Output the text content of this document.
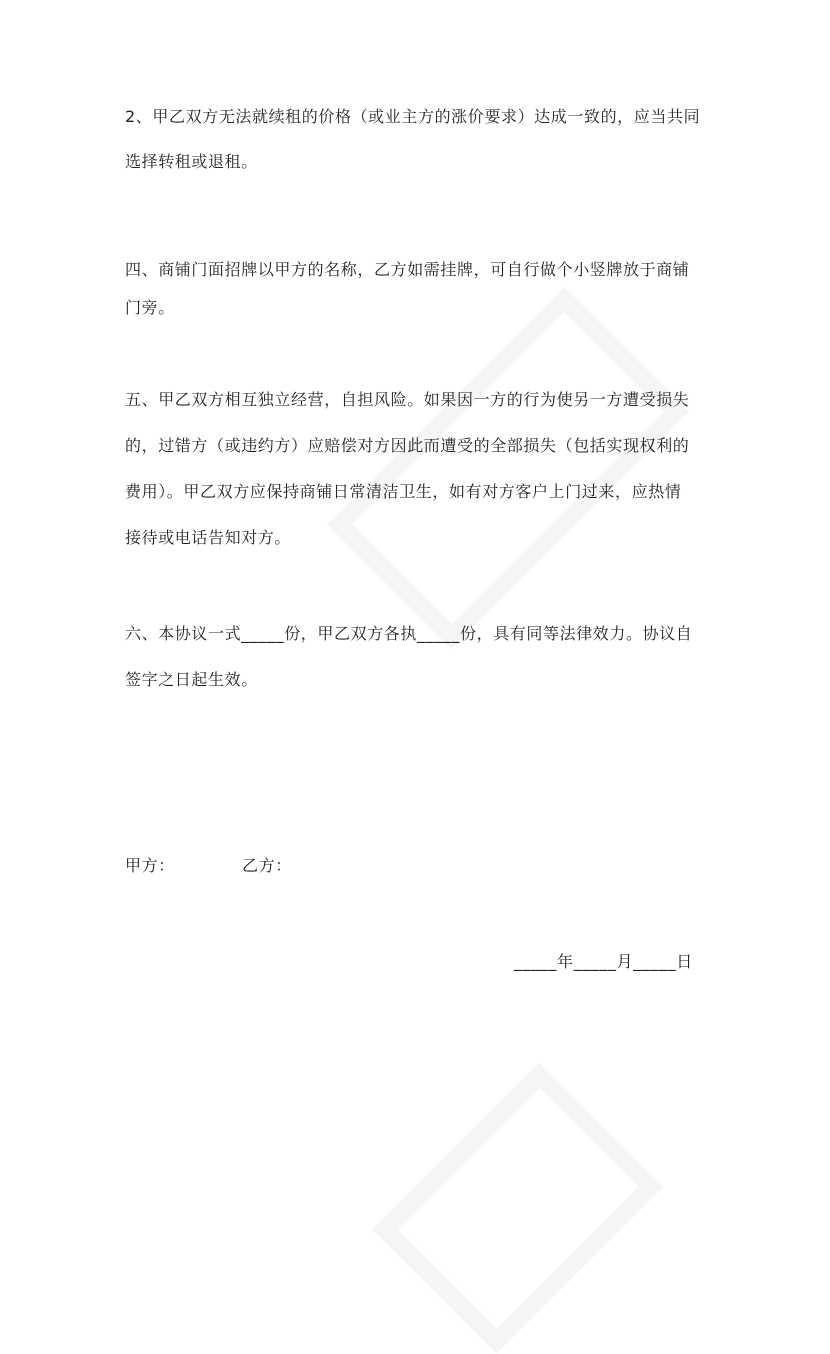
2、甲乙双方无法就续租的价格（或业主方的涨价要求）达成一致的，应当共同
选择转租或退租。
四、商铺门面招牌以甲方的名称，乙方如需挂牌，可自行做个小竖牌放于商铺
门旁。
五、甲乙双方相互独立经营，自担风险。如果因一方的行为使另一方遭受损失
的，过错方（或违约方）应赔偿对方因此而遭受的全部损失（包括实现权利的
费用）。甲乙双方应保持商铺日常清洁卫生，如有对方客户上门过来，应热情
接待或电话告知对方。
六、本协议一式_____份，甲乙双方各执_____份，具有同等法律效力。协议自
签字之日起生效。
甲方：	乙方：
_____年_____月_____日
